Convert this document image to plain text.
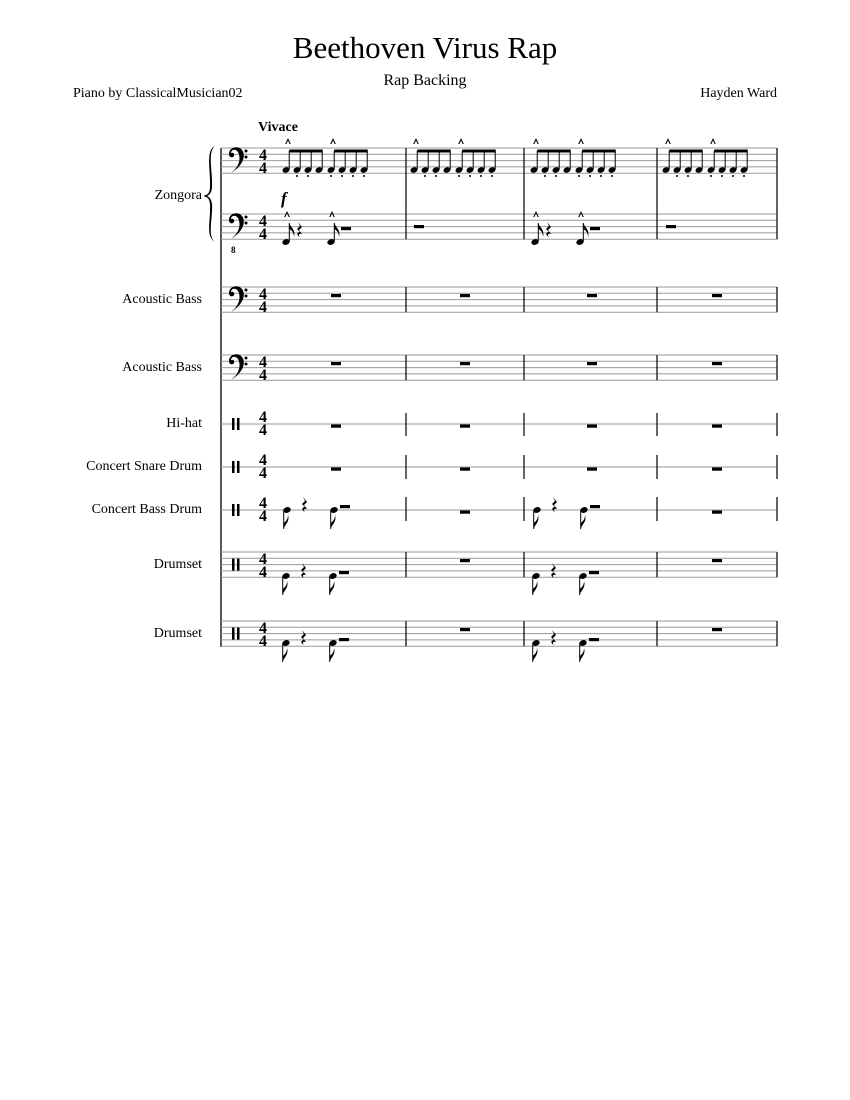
Beethoven Virus Rap
Rap Backing
Piano by ClassicalMusician02	Hayden Ward
Vivace
Zongora
Acoustic Bass
Acoustic Bass
Hi-hat
Concert Snare Drum
Concert Bass Drum
Drumset
Drumset
4
4
8
f
